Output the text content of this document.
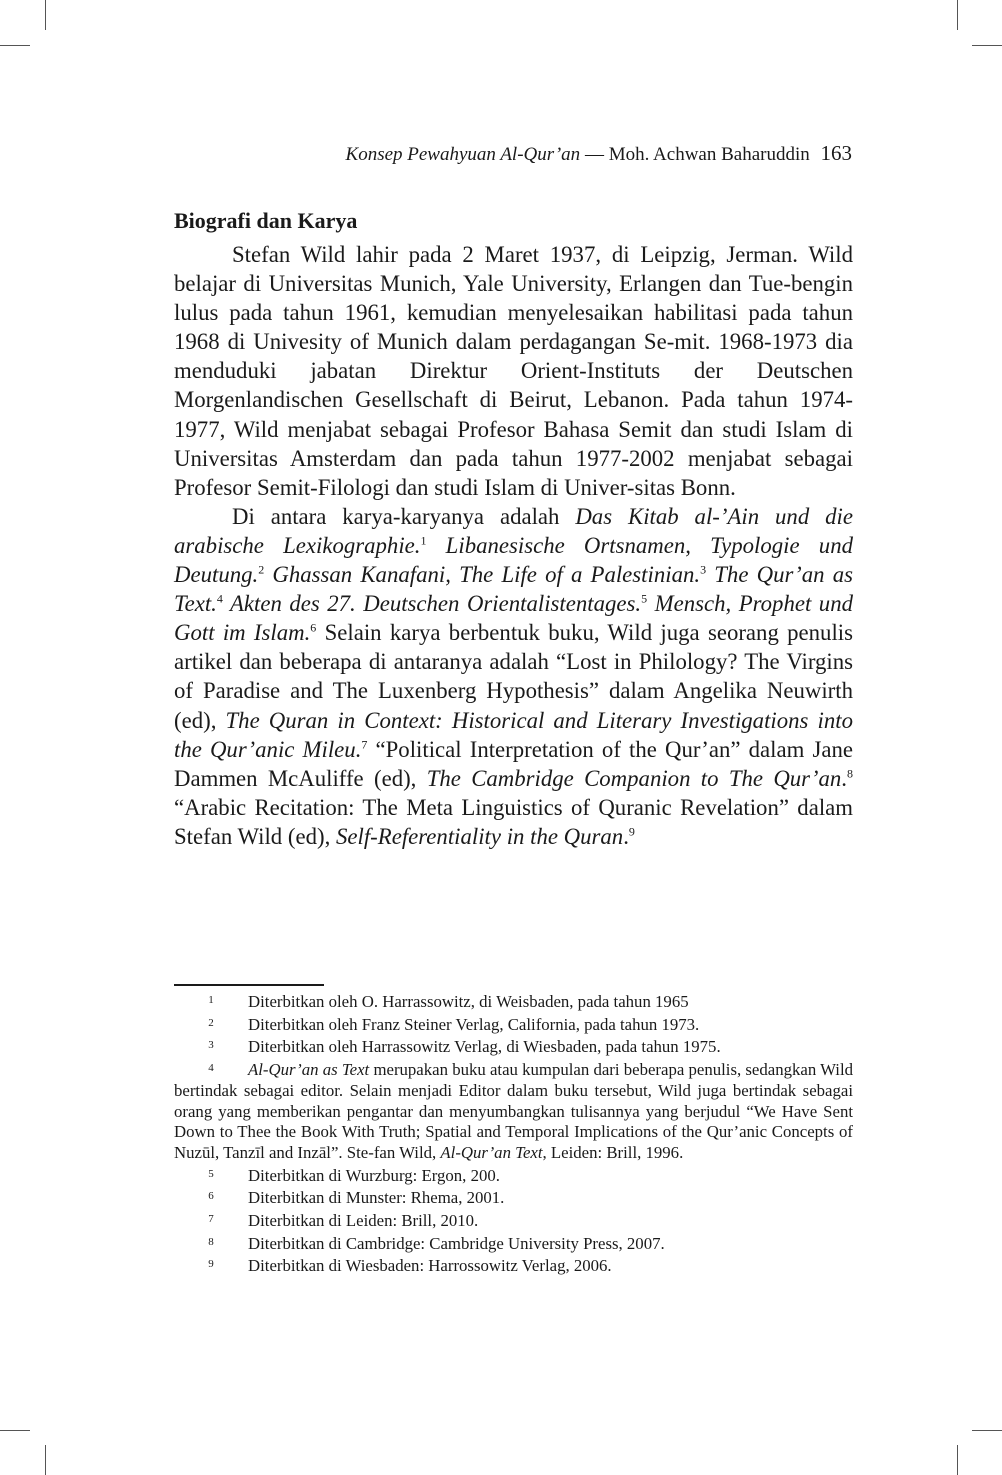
Konsep Pewahyuan Al-Qur’an — Moh. Achwan Baharuddin 163
Biografi dan Karya

Stefan Wild lahir pada 2 Maret 1937, di Leipzig, Jerman. Wild belajar di Universitas Munich, Yale University, Erlangen dan Tue-bengin lulus pada tahun 1961, kemudian menyelesaikan habilitasi pada tahun 1968 di Univesity of Munich dalam perdagangan Se-mit. 1968-1973 dia menduduki jabatan Direktur Orient-Instituts der Deutschen Morgenlandischen Gesellschaft di Beirut, Lebanon. Pada tahun 1974-1977, Wild menjabat sebagai Profesor Bahasa Semit dan studi Islam di Universitas Amsterdam dan pada tahun 1977-2002 menjabat sebagai Profesor Semit-Filologi dan studi Islam di Univer-sitas Bonn.

Di antara karya-karyanya adalah Das Kitab al-’Ain und die arabische Lexikographie.$^1$ Libanesische Ortsnamen, Typologie und Deutung.$^2$ Ghassan Kanafani, The Life of a Palestinian.$^3$ The Qur’an as Text.$^4$ Akten des 27. Deutschen Orientalistentages.$^5$ Mensch, Prophet und Gott im Islam.$^6$ Selain karya berbentuk buku, Wild juga seorang penulis artikel dan beberapa di antaranya adalah “Lost in Philology? The Virgins of Paradise and The Luxenberg Hypothesis” dalam Angelika Neuwirth (ed), The Quran in Context: Historical and Literary Investigations into the Qur’anic Mileu.$^7$ “Political Interpretation of the Qur’an” dalam Jane Dammen McAuliffe (ed), The Cambridge Companion to The Qur’an.$^8$ “Arabic Recitation: The Meta Linguistics of Quranic Revelation” dalam Stefan Wild (ed), Self-Referentiality in the Quran.$^9$

1 Diterbitkan oleh O. Harrassowitz, di Weisbaden, pada tahun 1965

2 Diterbitkan oleh Franz Steiner Verlag, California, pada tahun 1973.

3 Diterbitkan oleh Harrassowitz Verlag, di Wiesbaden, pada tahun 1975.

4 Al-Qur’an as Text merupakan buku atau kumpulan dari beberapa penulis, sedangkan Wild bertindak sebagai editor. Selain menjadi Editor dalam buku tersebut, Wild juga bertindak sebagai orang yang memberikan pengantar dan menyumbangkan tulisannya yang berjudul “We Have Sent Down to Thee the Book With Truth; Spatial and Temporal Implications of the Qur’anic Concepts of Nuzūl, Tanzīl and Inzāl”. Ste-fan Wild, Al-Qur’an Text, Leiden: Brill, 1996.

5 Diterbitkan di Wurzburg: Ergon, 200.

6 Diterbitkan di Munster: Rhema, 2001.

7 Diterbitkan di Leiden: Brill, 2010.

8 Diterbitkan di Cambridge: Cambridge University Press, 2007.

9 Diterbitkan di Wiesbaden: Harrossowitz Verlag, 2006.
